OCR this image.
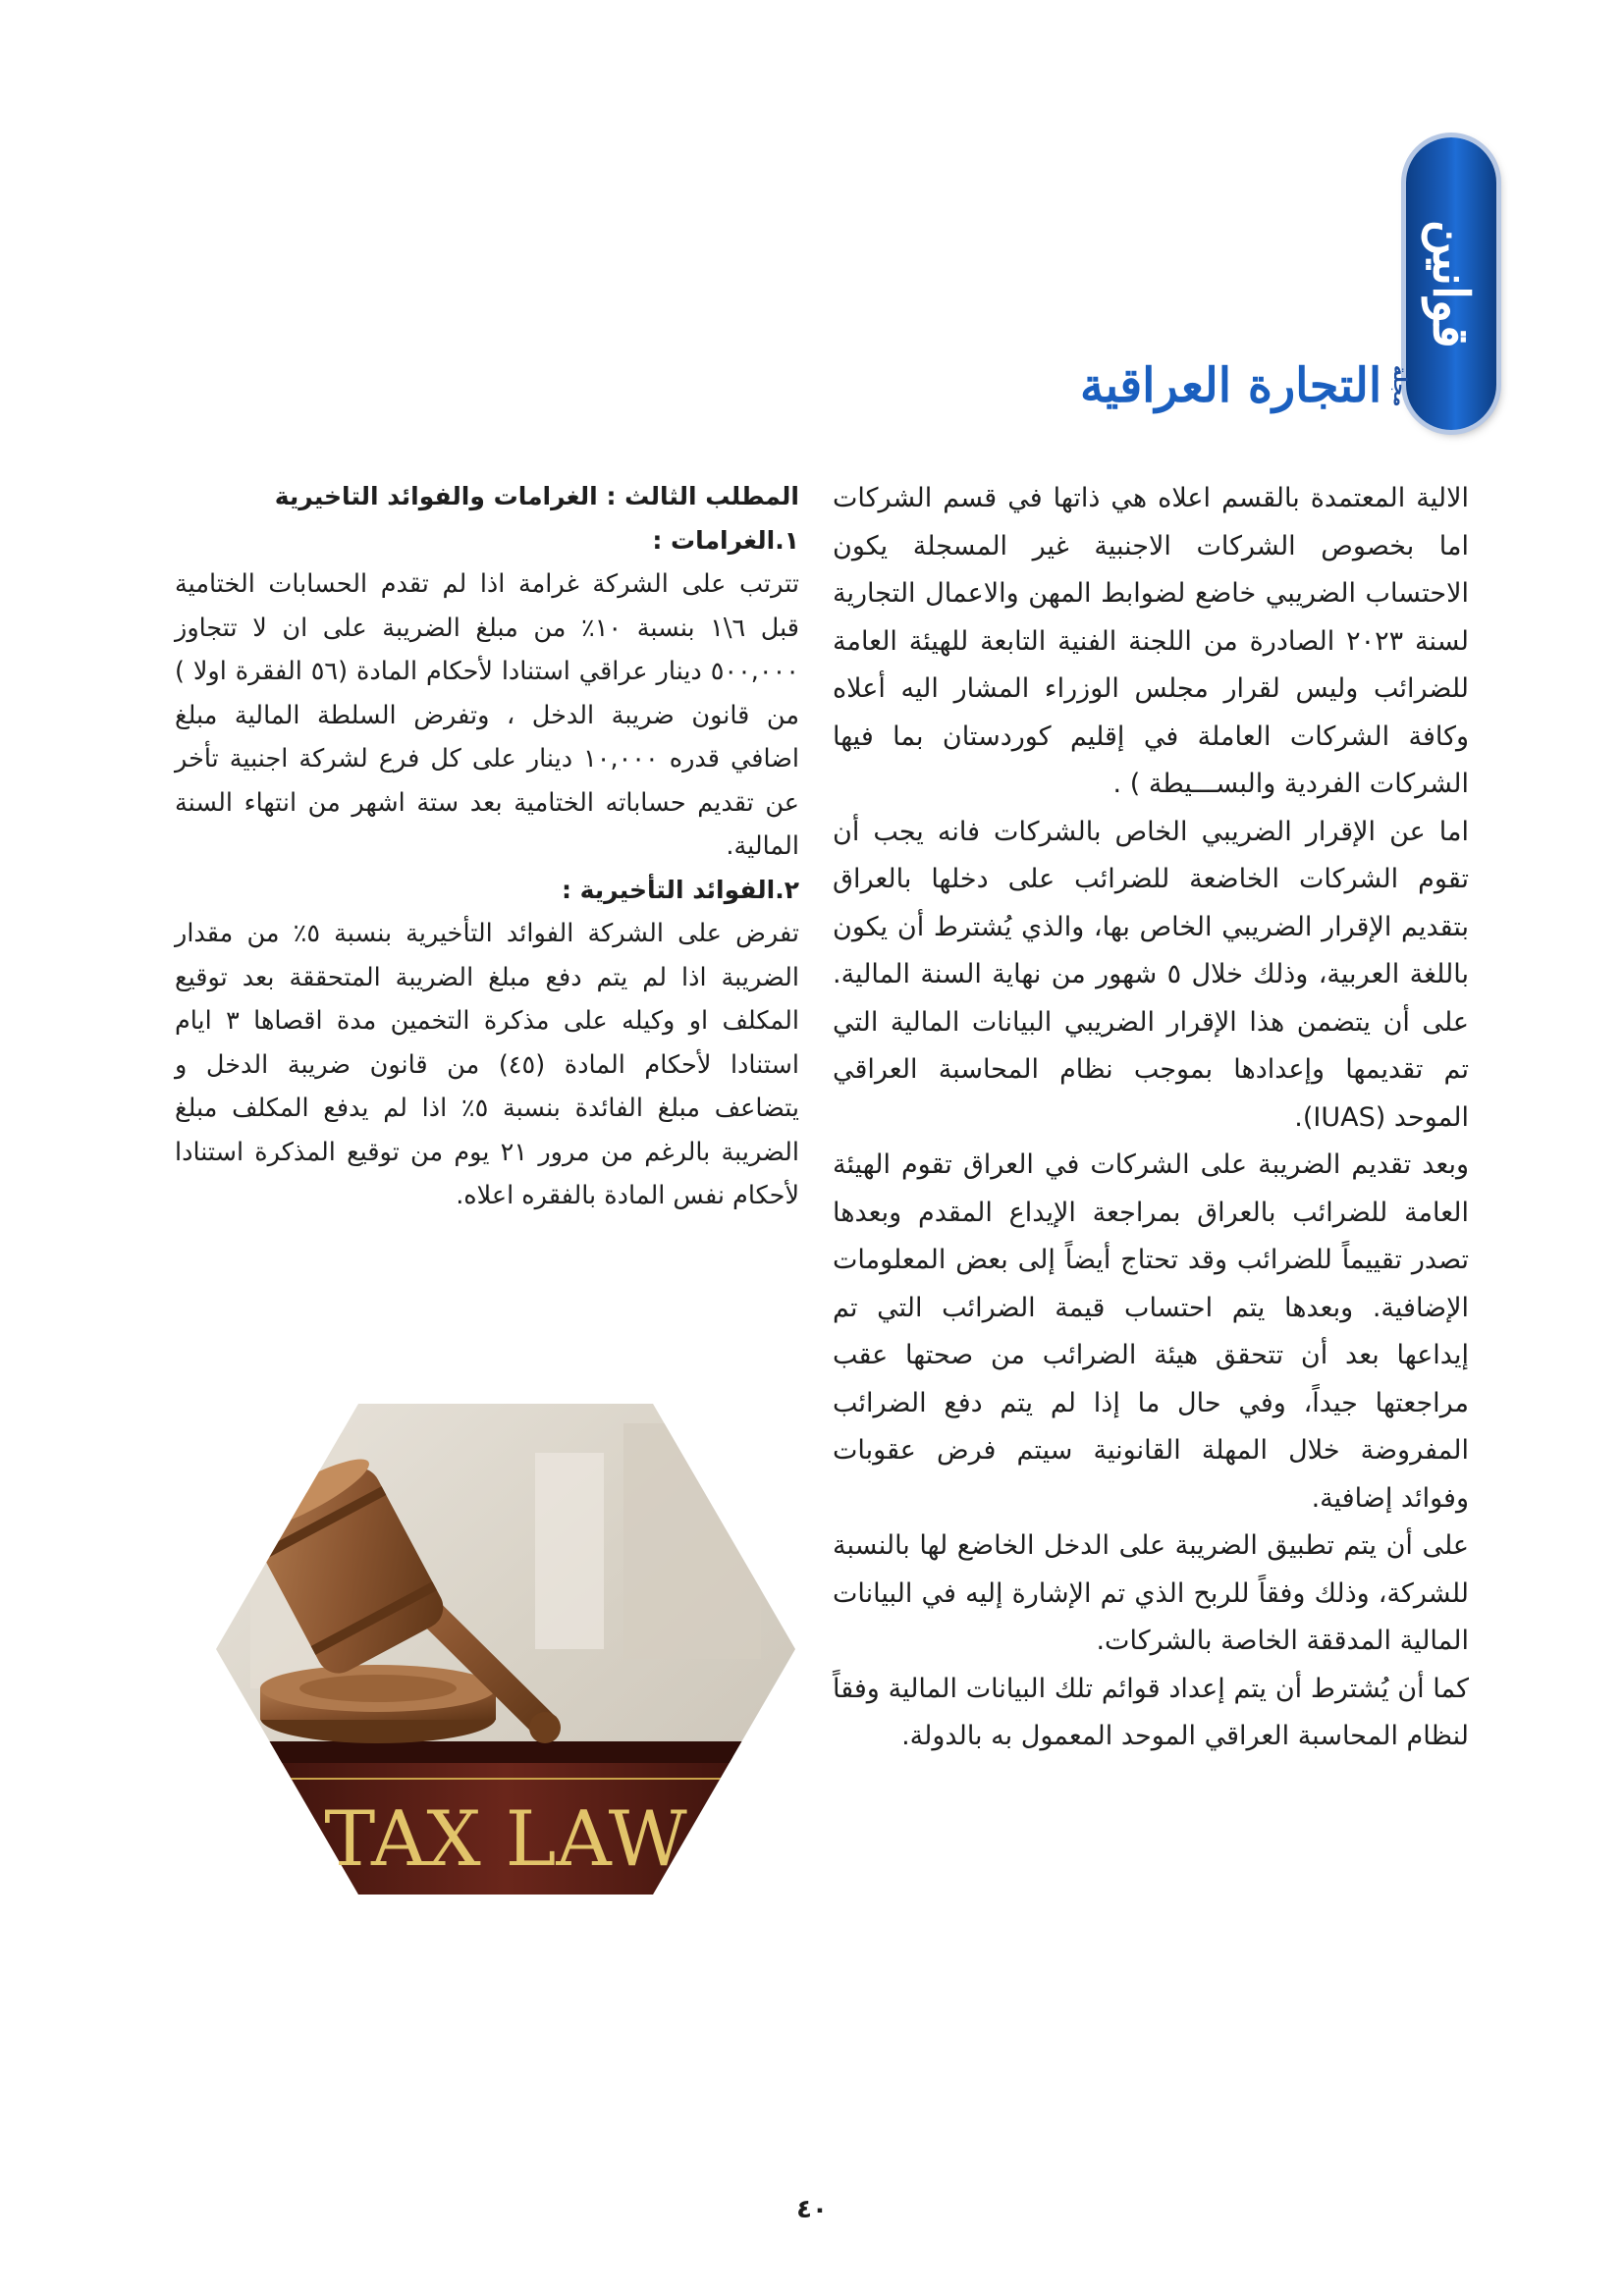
قوانين
مجلة
التجارة العراقية

الالية المعتمدة بالقسم اعلاه هي ذاتها في قسم الشركات اما بخصوص الشركات الاجنبية غير المسجلة يكون الاحتساب الضريبي خاضع لضوابط المهن والاعمال التجارية لسنة ٢٠٢٣ الصادرة من اللجنة الفنية التابعة للهيئة العامة للضرائب وليس لقرار مجلس الوزراء المشار اليه أعلاه وكافة الشركات العاملة في إقليم كوردستان بما فيها الشركات الفردية والبســـيطة ) .

اما عن الإقرار الضريبي الخاص بالشركات فانه يجب أن تقوم الشركات الخاضعة للضرائب على دخلها بالعراق بتقديم الإقرار الضريبي الخاص بها، والذي يُشترط أن يكون باللغة العربية، وذلك خلال ٥ شهور من نهاية السنة المالية. على أن يتضمن هذا الإقرار الضريبي البيانات المالية التي تم تقديمها وإعدادها بموجب نظام المحاسبة العراقي الموحد (IUAS).

وبعد تقديم الضريبة على الشركات في العراق تقوم الهيئة العامة للضرائب بالعراق بمراجعة الإيداع المقدم وبعدها تصدر تقييماً للضرائب وقد تحتاج أيضاً إلى بعض المعلومات الإضافية. وبعدها يتم احتساب قيمة الضرائب التي تم إيداعها بعد أن تتحقق هيئة الضرائب من صحتها عقب مراجعتها جيداً، وفي حال ما إذا لم يتم دفع الضرائب المفروضة خلال المهلة القانونية سيتم فرض عقوبات وفوائد إضافية.

على أن يتم تطبيق الضريبة على الدخل الخاضع لها بالنسبة للشركة، وذلك وفقاً للربح الذي تم الإشارة إليه في البيانات المالية المدققة الخاصة بالشركات.

كما أن يُشترط أن يتم إعداد قوائم تلك البيانات المالية وفقاً لنظام المحاسبة العراقي الموحد المعمول به بالدولة.

المطلب الثالث : الغرامات والفوائد التاخيرية

١.الغرامات :

تترتب على الشركة غرامة اذا لم تقدم الحسابات الختامية قبل ٦\١ بنسبة ١٠٪ من مبلغ الضريبة على ان لا تتجاوز ٥٠٠,٠٠٠ دينار عراقي استنادا لأحكام المادة (٥٦ الفقرة اولا ) من قانون ضريبة الدخل ، وتفرض السلطة المالية مبلغ اضافي قدره ١٠,٠٠٠ دينار على كل فرع لشركة اجنبية تأخر عن تقديم حساباته الختامية بعد ستة اشهر من انتهاء السنة المالية.

٢.الفوائد التأخيرية :

تفرض على الشركة الفوائد التأخيرية بنسبة ٥٪ من مقدار الضريبة اذا لم يتم دفع مبلغ الضريبة المتحققة بعد توقيع المكلف او وكيله على مذكرة التخمين مدة اقصاها ٣ ايام استنادا لأحكام المادة (٤٥) من قانون ضريبة الدخل و يتضاعف مبلغ الفائدة بنسبة ٥٪ اذا لم يدفع المكلف مبلغ الضريبة بالرغم من مرور ٢١ يوم من توقيع المذكرة استنادا لأحكام نفس المادة بالفقره اعلاه.

TAX LAW
٤٠
